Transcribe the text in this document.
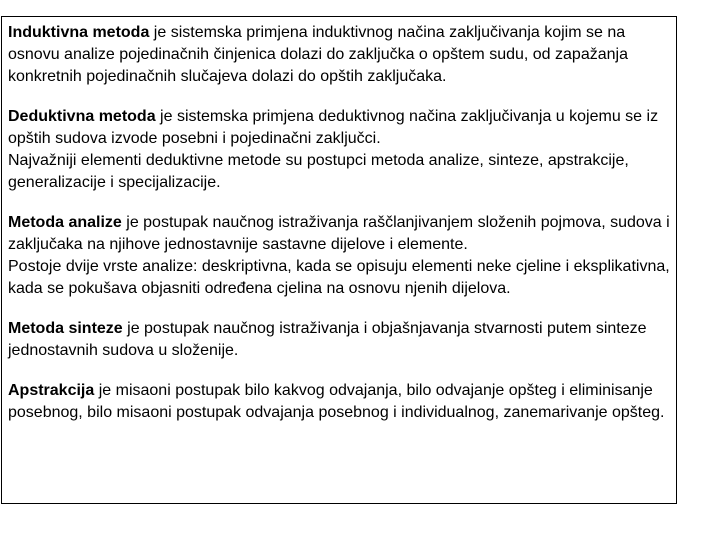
Induktivna metoda je sistemska primjena induktivnog načina zaključivanja kojim se na osnovu analize pojedinačnih činjenica dolazi do zaključka o opštem sudu, od zapažanja konkretnih pojedinačnih slučajeva dolazi do opštih zaključaka.

Deduktivna metoda je sistemska primjena deduktivnog načina zaključivanja u kojemu se iz opštih sudova izvode posebni i pojedinačni zaključci.

Najvažniji elementi deduktivne metode su postupci metoda analize, sinteze, apstrakcije, generalizacije i specijalizacije.

Metoda analize je postupak naučnog istraživanja raščlanjivanjem složenih pojmova, sudova i zaključaka na njihove jednostavnije sastavne dijelove i elemente.

Postoje dvije vrste analize: deskriptivna, kada se opisuju elementi neke cjeline i eksplikativna, kada se pokušava objasniti određena cjelina na osnovu njenih dijelova.

Metoda sinteze je postupak naučnog istraživanja i objašnjavanja stvarnosti putem sinteze jednostavnih sudova u složenije.

Apstrakcija je misaoni postupak bilo kakvog odvajanja, bilo odvajanje opšteg i eliminisanje posebnog, bilo misaoni postupak odvajanja posebnog i individualnog, zanemarivanje opšteg.
